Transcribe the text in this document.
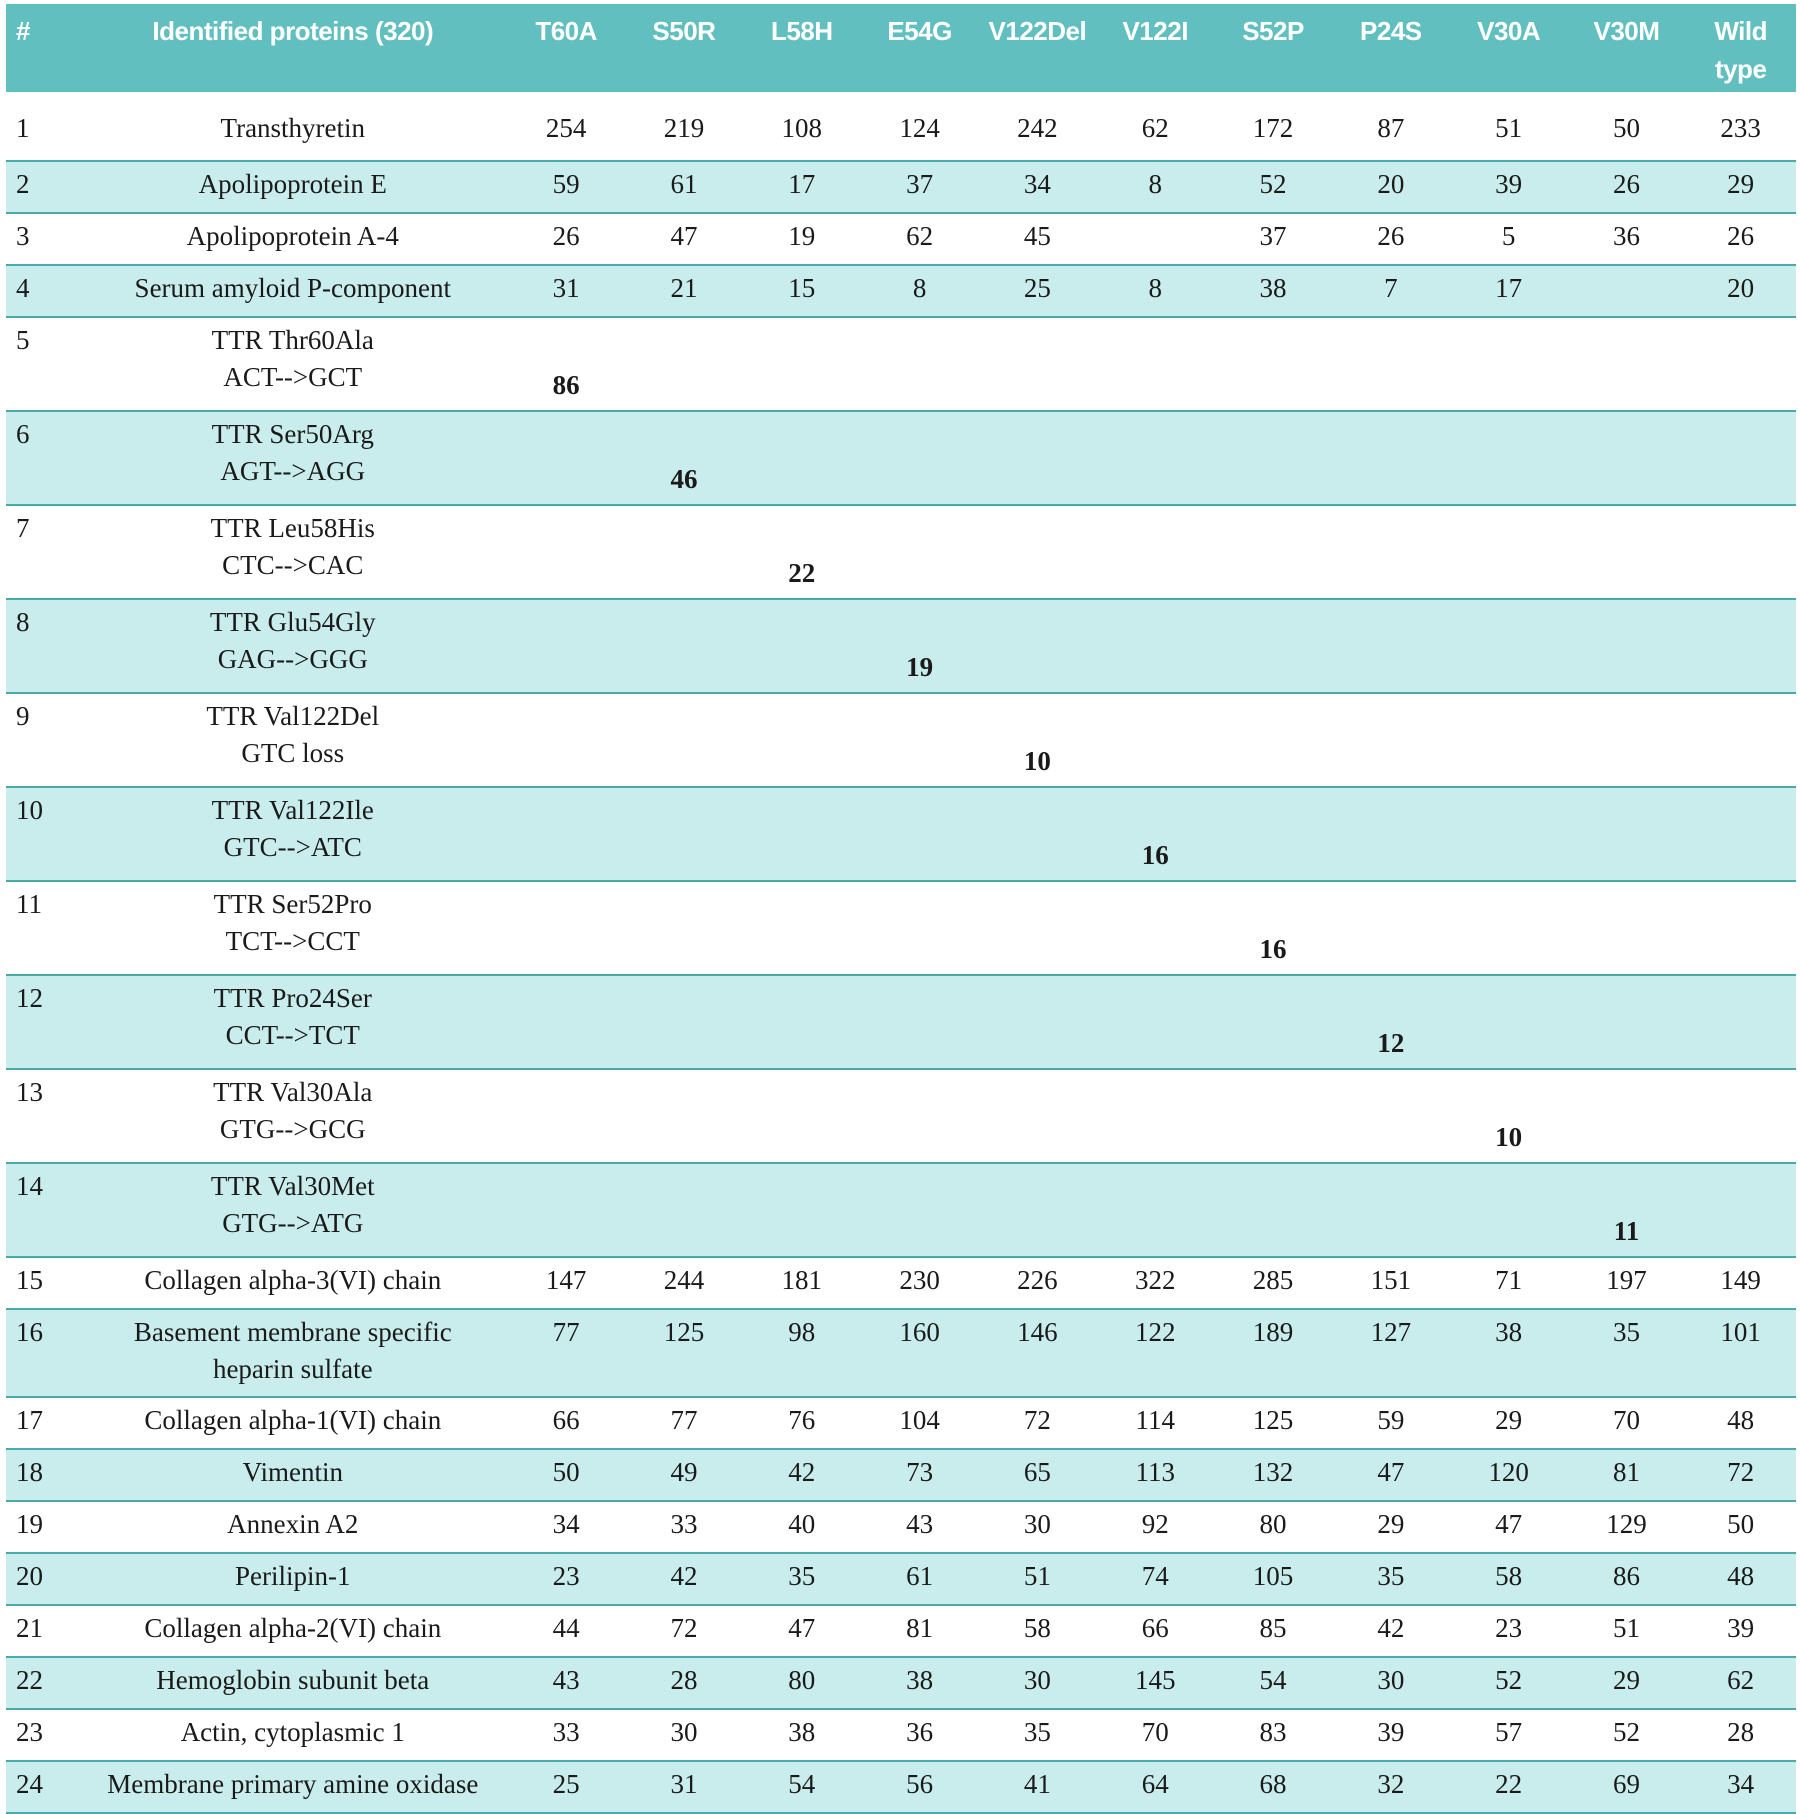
#	Identified proteins (320)	T60A	S50R	L58H	E54G	V122Del	V122I	S52P	P24S	V30A	V30M	Wild type
1	Transthyretin	254	219	108	124	242	62	172	87	51	50	233
2	Apolipoprotein E	59	61	17	37	34	8	52	20	39	26	29
3	Apolipoprotein A-4	26	47	19	62	45		37	26	5	36	26
4	Serum amyloid P-component	31	21	15	8	25	8	38	7	17		20
5	TTR Thr60Ala
ACT-->GCT	86										
6	TTR Ser50Arg
AGT-->AGG		46									
7	TTR Leu58His
CTC-->CAC			22								
8	TTR Glu54Gly
GAG-->GGG				19							
9	TTR Val122Del
GTC loss					10						
10	TTR Val122Ile
GTC-->ATC						16					
11	TTR Ser52Pro
TCT-->CCT							16				
12	TTR Pro24Ser
CCT-->TCT								12			
13	TTR Val30Ala
GTG-->GCG									10		
14	TTR Val30Met
GTG-->ATG										11	
15	Collagen alpha-3(VI) chain	147	244	181	230	226	322	285	151	71	197	149
16	Basement membrane specific
heparin sulfate	77	125	98	160	146	122	189	127	38	35	101
17	Collagen alpha-1(VI) chain	66	77	76	104	72	114	125	59	29	70	48
18	Vimentin	50	49	42	73	65	113	132	47	120	81	72
19	Annexin A2	34	33	40	43	30	92	80	29	47	129	50
20	Perilipin-1	23	42	35	61	51	74	105	35	58	86	48
21	Collagen alpha-2(VI) chain	44	72	47	81	58	66	85	42	23	51	39
22	Hemoglobin subunit beta	43	28	80	38	30	145	54	30	52	29	62
23	Actin, cytoplasmic 1	33	30	38	36	35	70	83	39	57	52	28
24	Membrane primary amine oxidase	25	31	54	56	41	64	68	32	22	69	34
